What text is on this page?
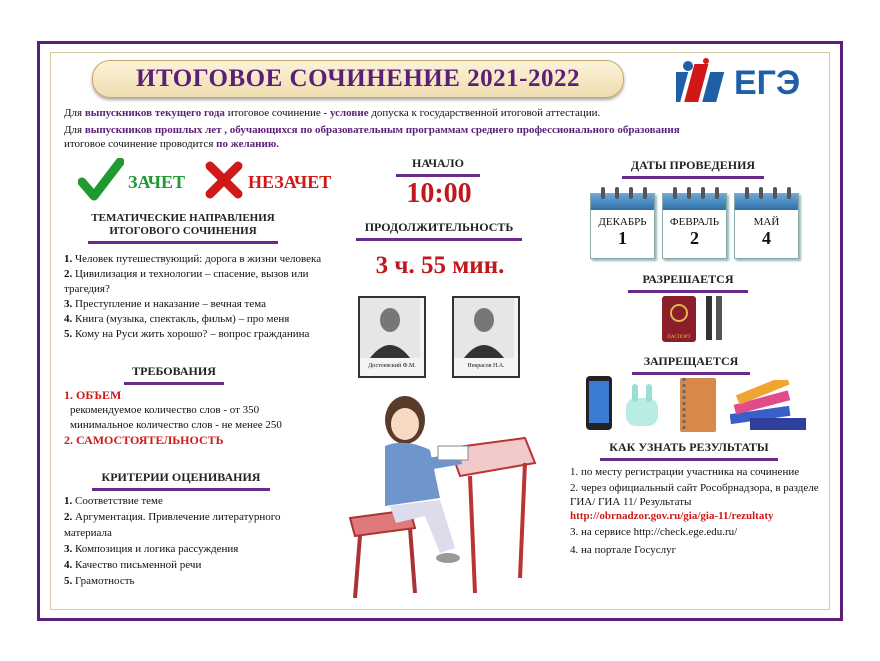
ИТОГОВОЕ СОЧИНЕНИЕ 2021-2022	ЕГЭ
Для выпускников текущего года итоговое сочинение - условие допуска к государственной итоговой аттестации.
Для выпускников прошлых лет , обучающихся по образовательным программам среднего профессионального образования итоговое сочинение проводится по желанию.
ЗАЧЕТ	НЕЗАЧЕТ
ТЕМАТИЧЕСКИЕ НАПРАВЛЕНИЯ ИТОГОВОГО СОЧИНЕНИЯ
1. Человек путешествующий: дорога в жизни человека
2. Цивилизация и технологии – спасение, вызов или трагедия?
3. Преступление и наказание – вечная тема
4. Книга (музыка, спектакль, фильм) – про меня
5. Кому на Руси жить хорошо? – вопрос гражданина
ТРЕБОВАНИЯ
1. ОБЪЕМ
рекомендуемое количество слов - от 350
минимальное количество слов - не менее 250
2. САМОСТОЯТЕЛЬНОСТЬ
КРИТЕРИИ ОЦЕНИВАНИЯ
1. Соответствие теме
2. Аргументация. Привлечение литературного материала
3. Композиция и логика рассуждения
4. Качество письменной речи
5. Грамотность
НАЧАЛО
10:00
ПРОДОЛЖИТЕЛЬНОСТЬ
3 ч. 55 мин.
Достоевский Ф.М.	Некрасов Н.А.
ДАТЫ ПРОВЕДЕНИЯ
ДЕКАБРЬ
1
ФЕВРАЛЬ
2
МАЙ
4
РАЗРЕШАЕТСЯ
ПАСПОРТ
ЗАПРЕЩАЕТСЯ
КАК УЗНАТЬ РЕЗУЛЬТАТЫ
1. по месту регистрации участника на сочинение
2. через официальный сайт Рособрнадзора, в разделе ГИА/ ГИА 11/ Результаты
http://obrnadzor.gov.ru/gia/gia-11/rezultaty
3. на сервисе http://check.ege.edu.ru/
4. на портале Госуслуг
